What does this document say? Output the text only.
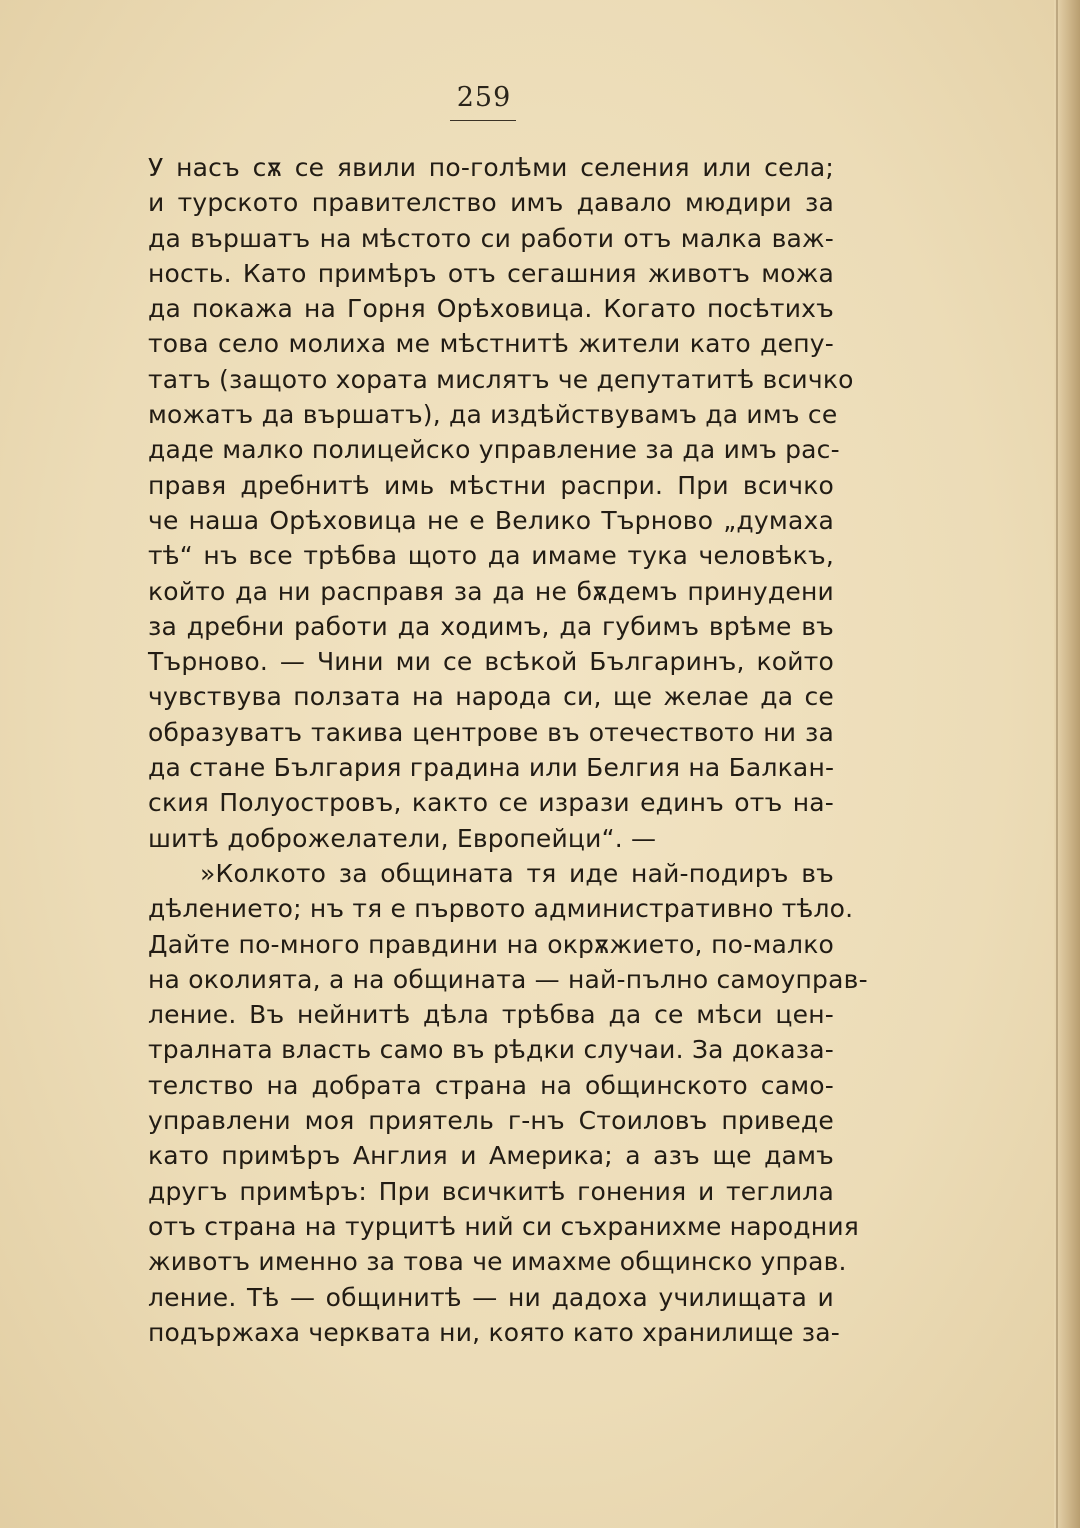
259
У насъ сѫ се явили по-голѣми селения или села;
и турското правителство имъ давало мюдири за
да вършатъ на мѣстото си работи отъ малка важ-
ность. Като примѣръ отъ сегашния животъ можа
да покажа на Горня Орѣховица. Когато посѣтихъ
това село молиха ме мѣстнитѣ жители като депу-
татъ (защото хората мислятъ че депутатитѣ всичко
можатъ да вършатъ), да издѣйствувамъ да имъ се
даде малко полицейско управление за да имъ рас-
правя дребнитѣ имь мѣстни распри. При всичко
че наша Орѣховица не е Велико Търново „думаха
тѣ“ нъ все трѣбва щото да имаме тука человѣкъ,
който да ни расправя за да не бѫдемъ принудени
за дребни работи да ходимъ, да губимъ врѣме въ
Търново. — Чини ми се всѣкой Българинъ, който
чувствува ползата на народа си, ще желае да се
образуватъ такива центрове въ отечеството ни за
да стане България градина или Белгия на Балкан-
ския Полуостровъ, както се изрази единъ отъ на-
шитѣ доброжелатели, Европейци“. —
»Колкото за общината тя иде най-подиръ въ
дѣлението; нъ тя е първото административно тѣло.
Дайте по-много правдини на окрѫжието, по-малко
на околията, а на общината — най-пълно самоуправ-
ление. Въ нейнитѣ дѣла трѣбва да се мѣси цен-
тралната власть само въ рѣдки случаи. За доказа-
телство на добрата страна на общинското само-
управлени моя приятель г-нъ Стоиловъ приведе
като примѣръ Англия и Америка; а азъ ще дамъ
другъ примѣръ: При всичкитѣ гонения и теглила
отъ страна на турцитѣ ний си съхранихме народния
животъ именно за това че имахме общинско управ.
ление. Тѣ — общинитѣ — ни дадоха училищата и
подържаха черквата ни, която като хранилище за-
